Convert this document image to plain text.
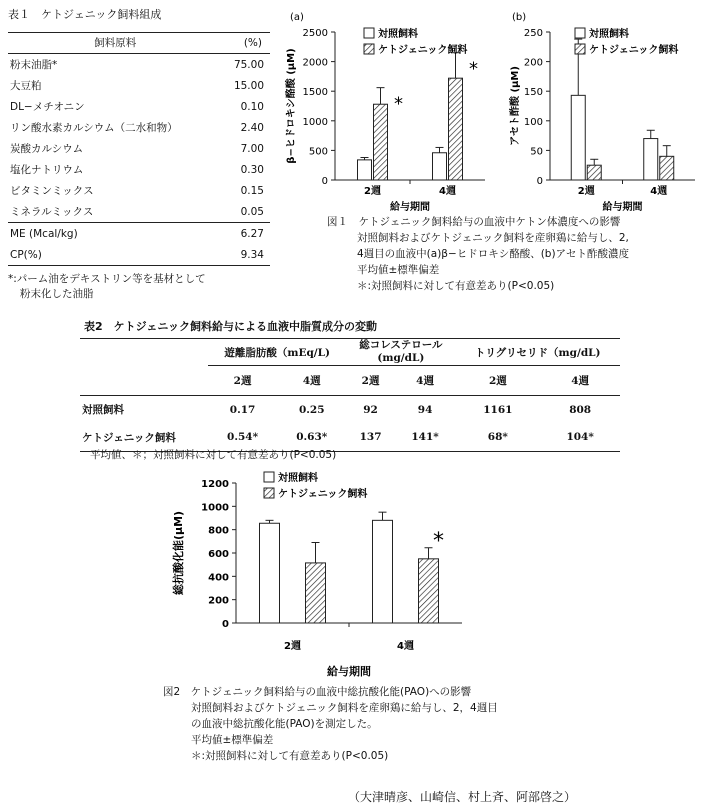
表１　ケトジェニック飼料組成
飼料原料	(%)
粉末油脂*	75.00
大豆粕	15.00
DL−メチオニン	0.10
リン酸水素カルシウム（二水和物）	2.40
炭酸カルシウム	7.00
塩化ナトリウム	0.30
ビタミンミックス	0.15
ミネラルミックス	0.05
ME (Mcal/kg)	6.27
CP(%)	9.34
*:パーム油をデキストリン等を基材として
粉末化した油脂
0
500
1000
1500
2000
2500
β−ヒドロキシ酪酸 (μM)
(a)
2週
*
4週
*
給与期間
対照飼料
ケトジェニック飼料
0
50
100
150
200
250
アセト酢酸 (μM)
(b)
2週	4週
給与期間
対照飼料
ケトジェニック飼料
図１　ケトジェニック飼料給与の血液中ケトン体濃度への影響
対照飼料およびケトジェニック飼料を産卵鶏に給与し、2,
4週目の血液中(a)β−ヒドロキシ酪酸、(b)アセト酢酸濃度
平均値±標準偏差
＊:対照飼料に対して有意差あり(P<0.05)
表2　ケトジェニック飼料給与による血液中脂質成分の変動
	遊離脂肪酸（mEq/L)		総コレステロール
(mg/dL)		トリグリセリド（mg/dL)	
	2週	4週	2週	4週	2週	4週
対照飼料	0.17	0.25	92	94	1161	808
ケトジェニック飼料	0.54*	0.63*	137	141*	68*	104*
平均値、＊；対照飼料に対して有意差あり(P<0.05)
0
200
400
600
800
1000
1200
総抗酸化能(μM)
2週	4週
*
給与期間
対照飼料
ケトジェニック飼料
図2　ケトジェニック飼料給与の血液中総抗酸化能(PAO)への影響
対照飼料およびケトジェニック飼料を産卵鶏に給与し、2，4週目
の血液中総抗酸化能(PAO)を測定した。
平均値±標準偏差
＊:対照飼料に対して有意差あり(P<0.05)
（大津晴彦、山崎信、村上斉、阿部啓之）
